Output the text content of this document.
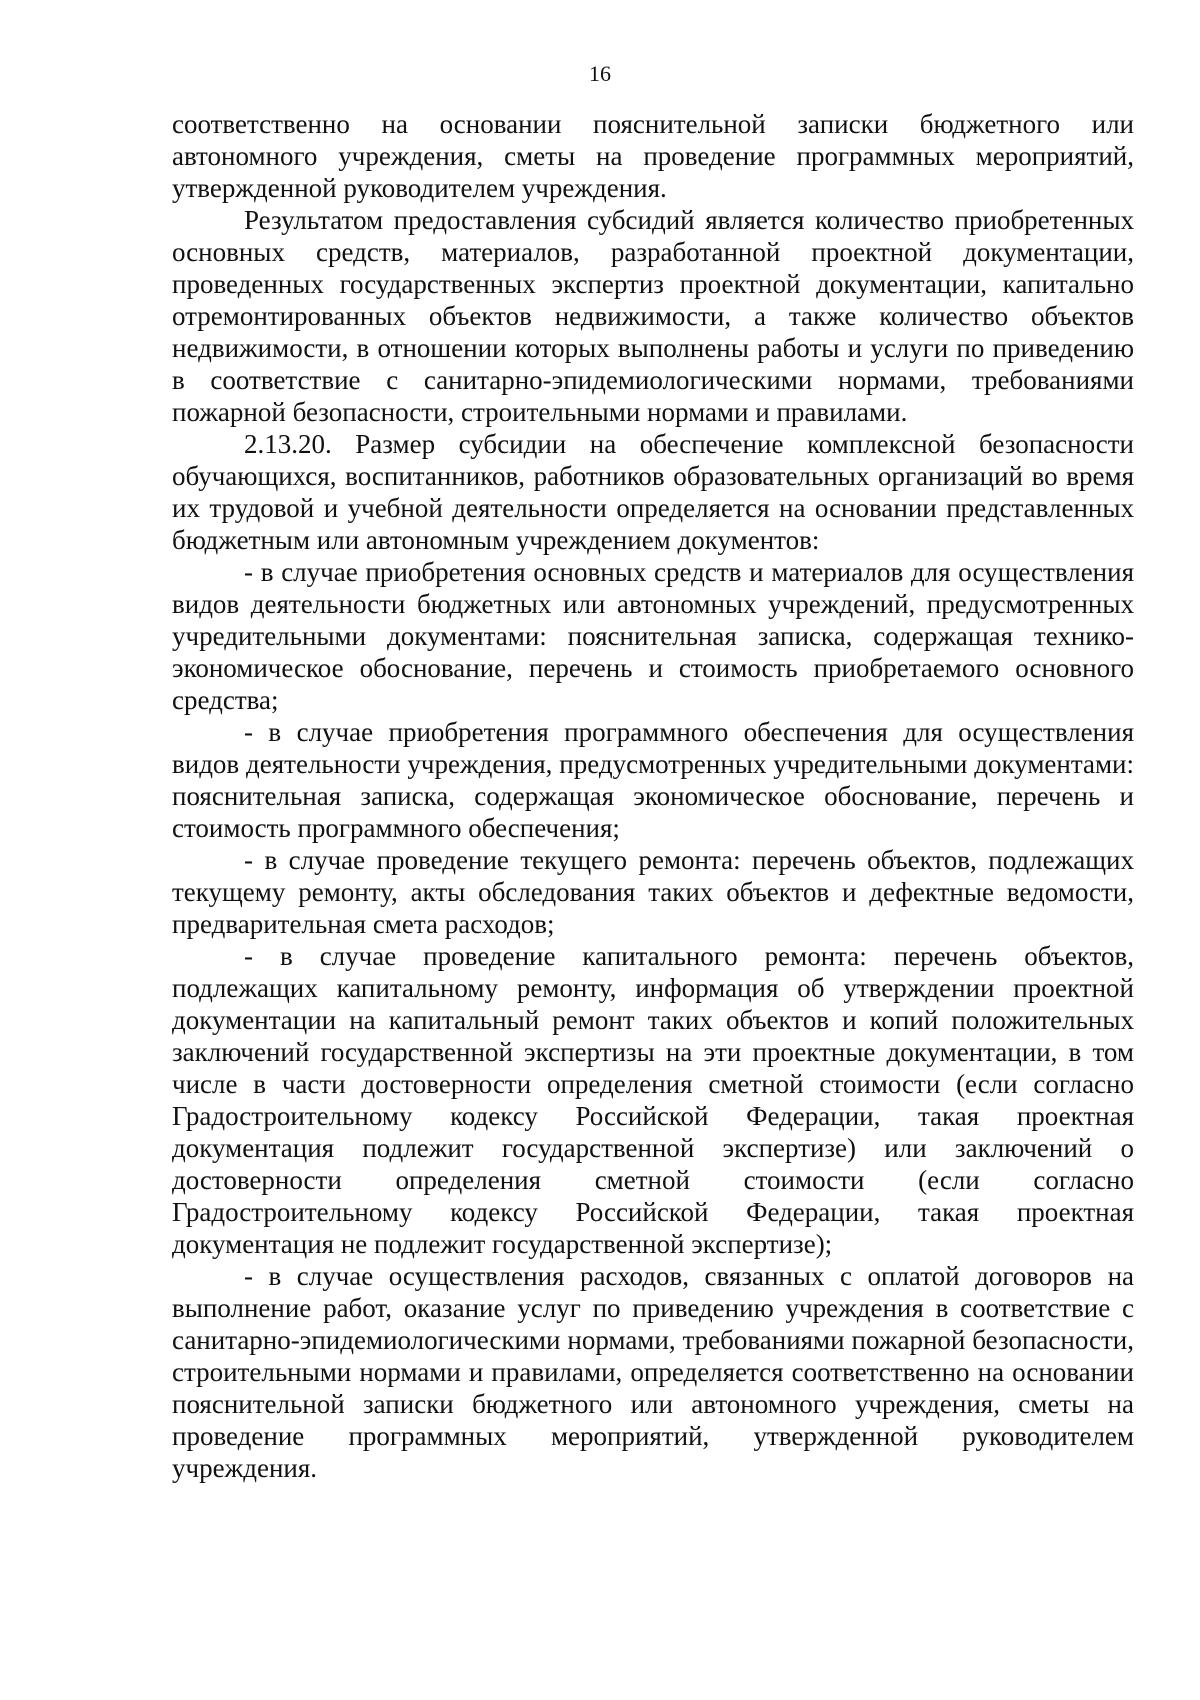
16

соответственно на основании пояснительной записки бюджетного или автономного учреждения, сметы на проведение программных мероприятий, утвержденной руководителем учреждения.

Результатом предоставления субсидий является количество приобретенных основных средств, материалов, разработанной проектной документации, проведенных государственных экспертиз проектной документации, капитально отремонтированных объектов недвижимости, а также количество объектов недвижимости, в отношении которых выполнены работы и услуги по приведению в соответствие с санитарно-эпидемиологическими нормами, требованиями пожарной безопасности, строительными нормами и правилами.

2.13.20. Размер субсидии на обеспечение комплексной безопасности обучающихся, воспитанников, работников образовательных организаций во время их трудовой и учебной деятельности определяется на основании представленных бюджетным или автономным учреждением документов:

- в случае приобретения основных средств и материалов для осуществления видов деятельности бюджетных или автономных учреждений, предусмотренных учредительными документами: пояснительная записка, содержащая технико-экономическое обоснование, перечень и стоимость приобретаемого основного средства;

- в случае приобретения программного обеспечения для осуществления видов деятельности учреждения, предусмотренных учредительными документами: пояснительная записка, содержащая экономическое обоснование, перечень и стоимость программного обеспечения;

- в случае проведение текущего ремонта: перечень объектов, подлежащих текущему ремонту, акты обследования таких объектов и дефектные ведомости, предварительная смета расходов;

- в случае проведение капитального ремонта: перечень объектов, подлежащих капитальному ремонту, информация об утверждении проектной документации на капитальный ремонт таких объектов и копий положительных заключений государственной экспертизы на эти проектные документации, в том числе в части достоверности определения сметной стоимости (если согласно Градостроительному кодексу Российской Федерации, такая проектная документация подлежит государственной экспертизе) или заключений о достоверности определения сметной стоимости (если согласно Градостроительному кодексу Российской Федерации, такая проектная документация не подлежит государственной экспертизе);

- в случае осуществления расходов, связанных с оплатой договоров на выполнение работ, оказание услуг по приведению учреждения в соответствие с санитарно-эпидемиологическими нормами, требованиями пожарной безопасности, строительными нормами и правилами, определяется соответственно на основании пояснительной записки бюджетного или автономного учреждения, сметы на проведение программных мероприятий, утвержденной руководителем учреждения.
